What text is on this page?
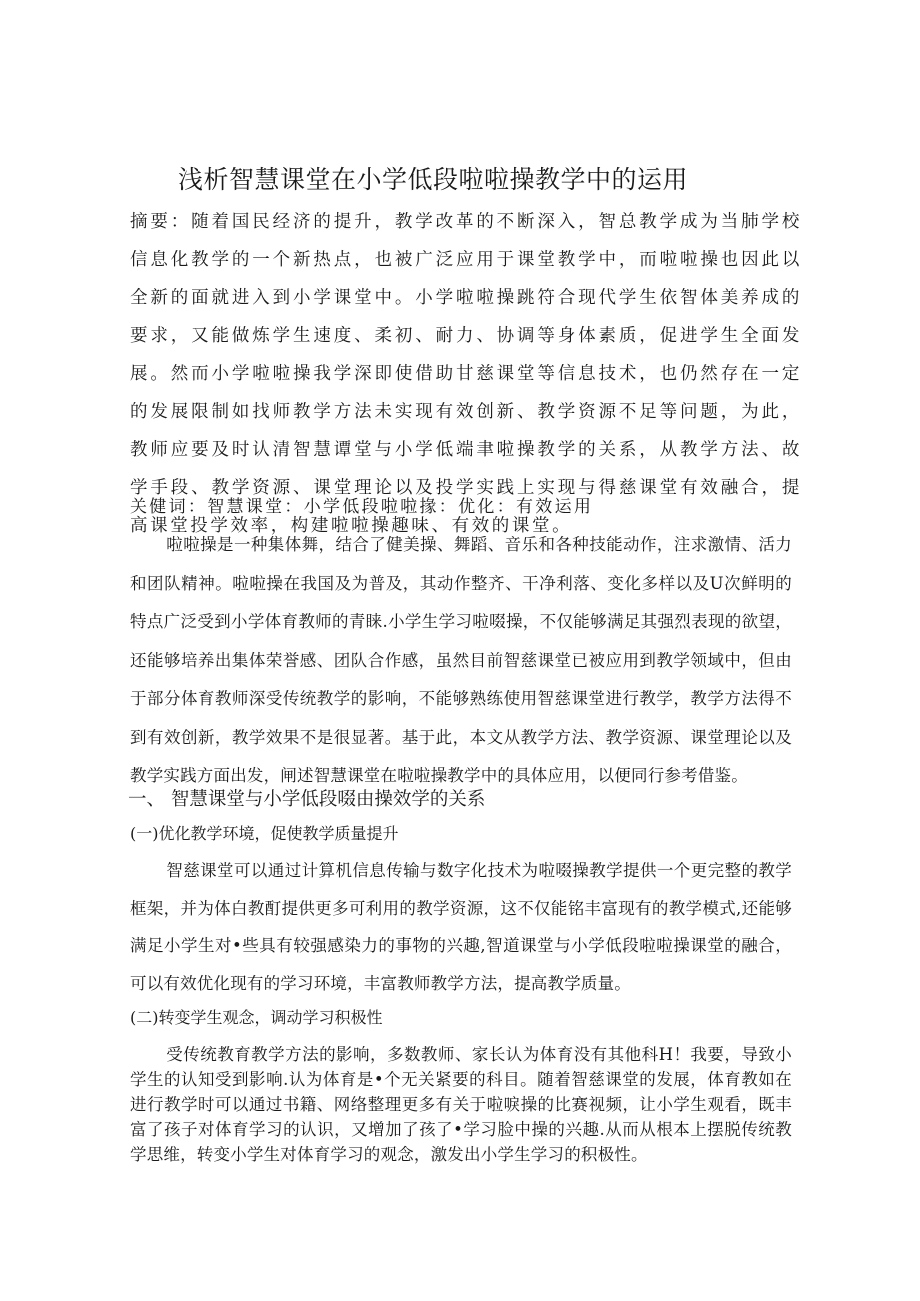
浅析智慧课堂在小学低段啦啦操教学中的运用
摘要：随着国民经济的提升，教学改革的不断深入，智总教学成为当肺学校信息化教学的一个新热点，也被广泛应用于课堂教学中，而啦啦操也因此以全新的面就进入到小学课堂中。小学啦啦操跳符合现代学生依智体美养成的要求，又能做炼学生速度、柔初、耐力、协调等身体素质，促进学生全面发展。然而小学啦啦操我学深即使借助甘慈课堂等信息技术，也仍然存在一定的发展限制如找师教学方法未实现有效创新、教学资源不足等问题，为此，教师应要及时认清智慧谭堂与小学低端聿啦操教学的关系，从教学方法、故学手段、教学资源、课堂理论以及投学实践上实现与得慈课堂有效融合，提高课堂投学效率，构建啦啦操趣味、有效的课堂。
关健词：智慧课堂：小学低段啦啦掾：优化：有效运用
啦啦操是一种集体舞，结合了健美操、舞蹈、音乐和各种技能动作，注求激情、活力和团队精神。啦啦操在我国及为普及，其动作整齐、干净利落、变化多样以及U次鲜明的特点广泛受到小学体育教师的青睐.小学生学习啦啜操，不仅能够满足其强烈表现的欲望，还能够培养出集体荣誉感、团队合作感，虽然目前智慈课堂已被应用到教学领域中，但由于部分体育教师深受传统教学的影响，不能够熟练使用智慈课堂进行教学，教学方法得不到有效创新，教学效果不是很显著。基于此，本文从教学方法、教学资源、课堂理论以及教学实践方面出发，闸述智慧课堂在啦啦操教学中的具体应用，以便同行参考借鉴。
一、 智慧课堂与小学低段啜由操效学的关系
(一)优化教学环境，促使教学质量提升
智慈课堂可以通过计算机信息传输与数字化技术为啦啜操教学提供一个更完整的教学框架，并为体白教酊提供更多可利用的教学资源，这不仅能铭丰富现有的教学模式,还能够满足小学生对•些具有较强感染力的事物的兴趣,智道课堂与小学低段啦啦操课堂的融合，可以有效优化现有的学习环境，丰富教师教学方法，提高教学质量。
(二)转变学生观念，调动学习积极性
受传统教育教学方法的影响，多数教师、家长认为体育没有其他科H！我要，导致小学生的认知受到影响.认为体育是•个无关紧要的科目。随着智慈课堂的发展，体育教如在进行教学时可以通过书籍、网络整理更多有关于啦唳操的比赛视频，让小学生观看，既丰富了孩子对体育学习的认识，又增加了孩了•学习脸中操的兴趣.从而从根本上摆脱传统教学思维，转变小学生对体育学习的观念，激发出小学生学习的积极性。
